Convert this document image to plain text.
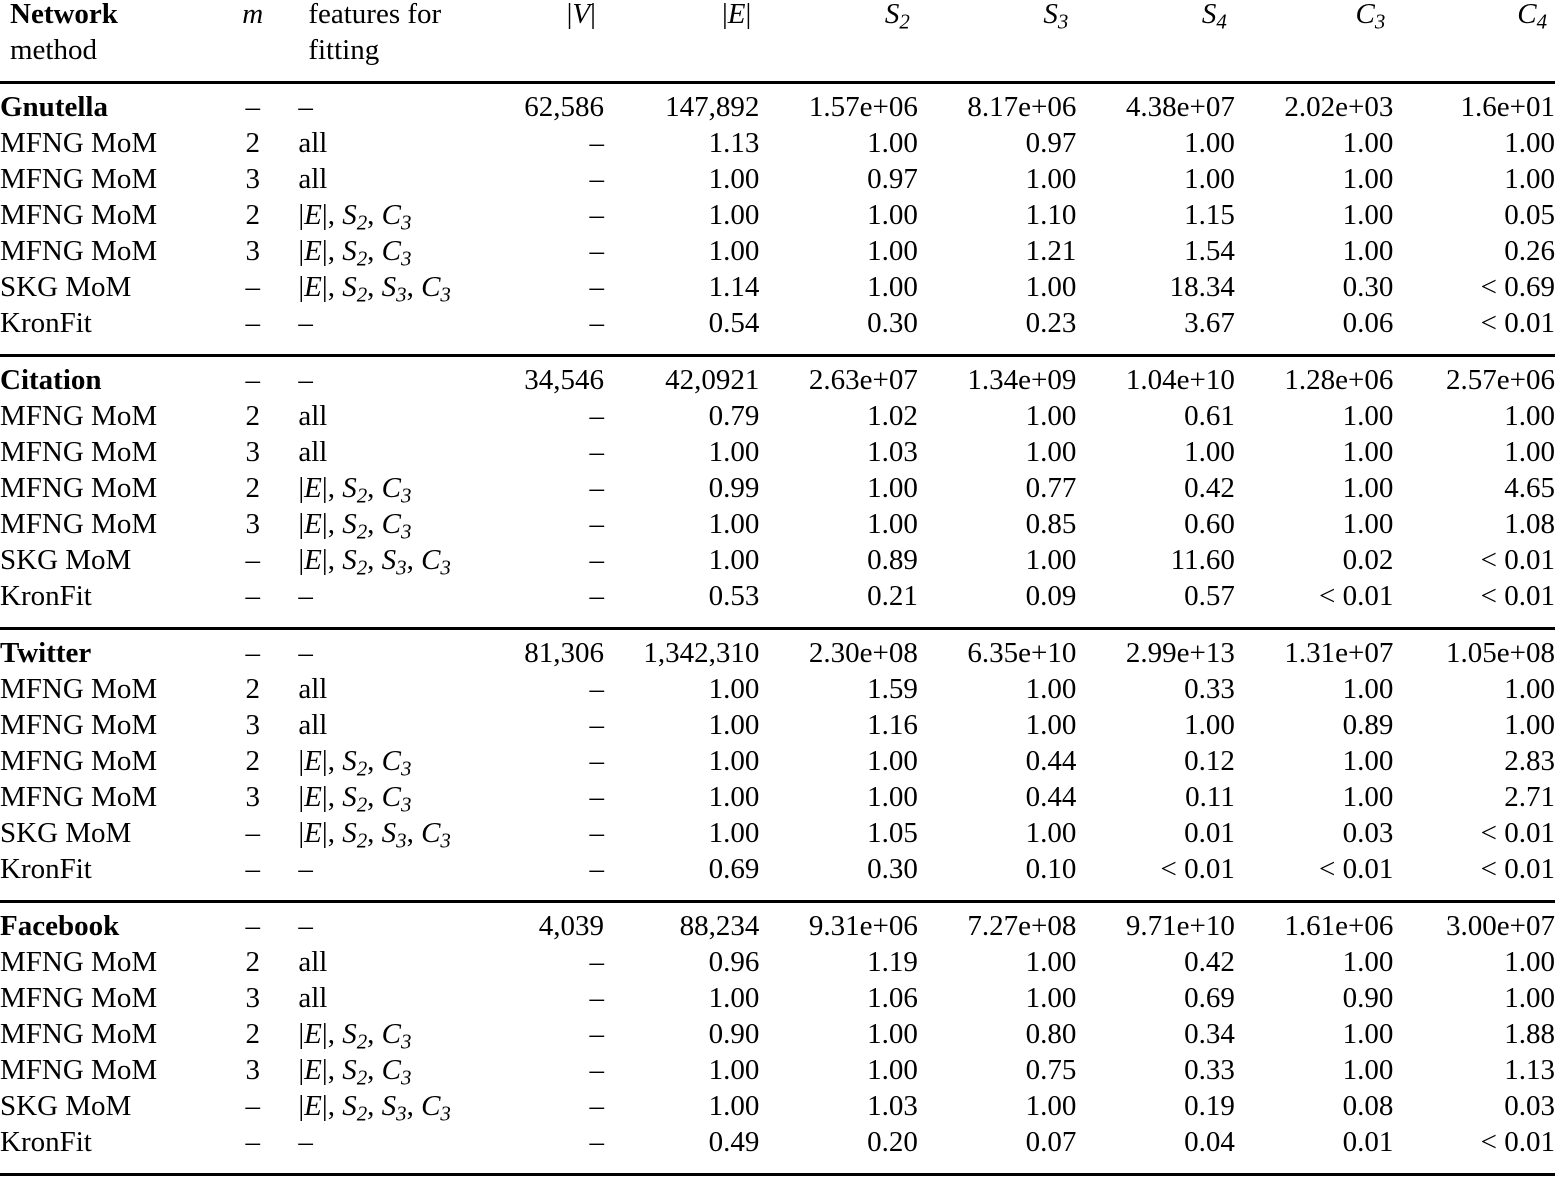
Network	m	features for	|V|	|E|	$S_2$	$S_3$	$S_4$	$C_3$	$C_4$
method		fitting							

Gnutella	–	–	62,586	147,892	1.57e+06	8.17e+06	4.38e+07	2.02e+03	1.6e+01
MFNG MoM	2	all	–	1.13	1.00	0.97	1.00	1.00	1.00
MFNG MoM	3	all	–	1.00	0.97	1.00	1.00	1.00	1.00
MFNG MoM	2	|E|, $S_2$, $C_3$	–	1.00	1.00	1.10	1.15	1.00	0.05
MFNG MoM	3	|E|, $S_2$, $C_3$	–	1.00	1.00	1.21	1.54	1.00	0.26
SKG MoM	–	|E|, $S_2$, $S_3$, $C_3$	–	1.14	1.00	1.00	18.34	0.30	< 0.69
KronFit	–	–	–	0.54	0.30	0.23	3.67	0.06	< 0.01

Citation	–	–	34,546	42,0921	2.63e+07	1.34e+09	1.04e+10	1.28e+06	2.57e+06
MFNG MoM	2	all	–	0.79	1.02	1.00	0.61	1.00	1.00
MFNG MoM	3	all	–	1.00	1.03	1.00	1.00	1.00	1.00
MFNG MoM	2	|E|, $S_2$, $C_3$	–	0.99	1.00	0.77	0.42	1.00	4.65
MFNG MoM	3	|E|, $S_2$, $C_3$	–	1.00	1.00	0.85	0.60	1.00	1.08
SKG MoM	–	|E|, $S_2$, $S_3$, $C_3$	–	1.00	0.89	1.00	11.60	0.02	< 0.01
KronFit	–	–	–	0.53	0.21	0.09	0.57	< 0.01	< 0.01

Twitter	–	–	81,306	1,342,310	2.30e+08	6.35e+10	2.99e+13	1.31e+07	1.05e+08
MFNG MoM	2	all	–	1.00	1.59	1.00	0.33	1.00	1.00
MFNG MoM	3	all	–	1.00	1.16	1.00	1.00	0.89	1.00
MFNG MoM	2	|E|, $S_2$, $C_3$	–	1.00	1.00	0.44	0.12	1.00	2.83
MFNG MoM	3	|E|, $S_2$, $C_3$	–	1.00	1.00	0.44	0.11	1.00	2.71
SKG MoM	–	|E|, $S_2$, $S_3$, $C_3$	–	1.00	1.05	1.00	0.01	0.03	< 0.01
KronFit	–	–	–	0.69	0.30	0.10	< 0.01	< 0.01	< 0.01

Facebook	–	–	4,039	88,234	9.31e+06	7.27e+08	9.71e+10	1.61e+06	3.00e+07
MFNG MoM	2	all	–	0.96	1.19	1.00	0.42	1.00	1.00
MFNG MoM	3	all	–	1.00	1.06	1.00	0.69	0.90	1.00
MFNG MoM	2	|E|, $S_2$, $C_3$	–	0.90	1.00	0.80	0.34	1.00	1.88
MFNG MoM	3	|E|, $S_2$, $C_3$	–	1.00	1.00	0.75	0.33	1.00	1.13
SKG MoM	–	|E|, $S_2$, $S_3$, $C_3$	–	1.00	1.03	1.00	0.19	0.08	0.03
KronFit	–	–	–	0.49	0.20	0.07	0.04	0.01	< 0.01
